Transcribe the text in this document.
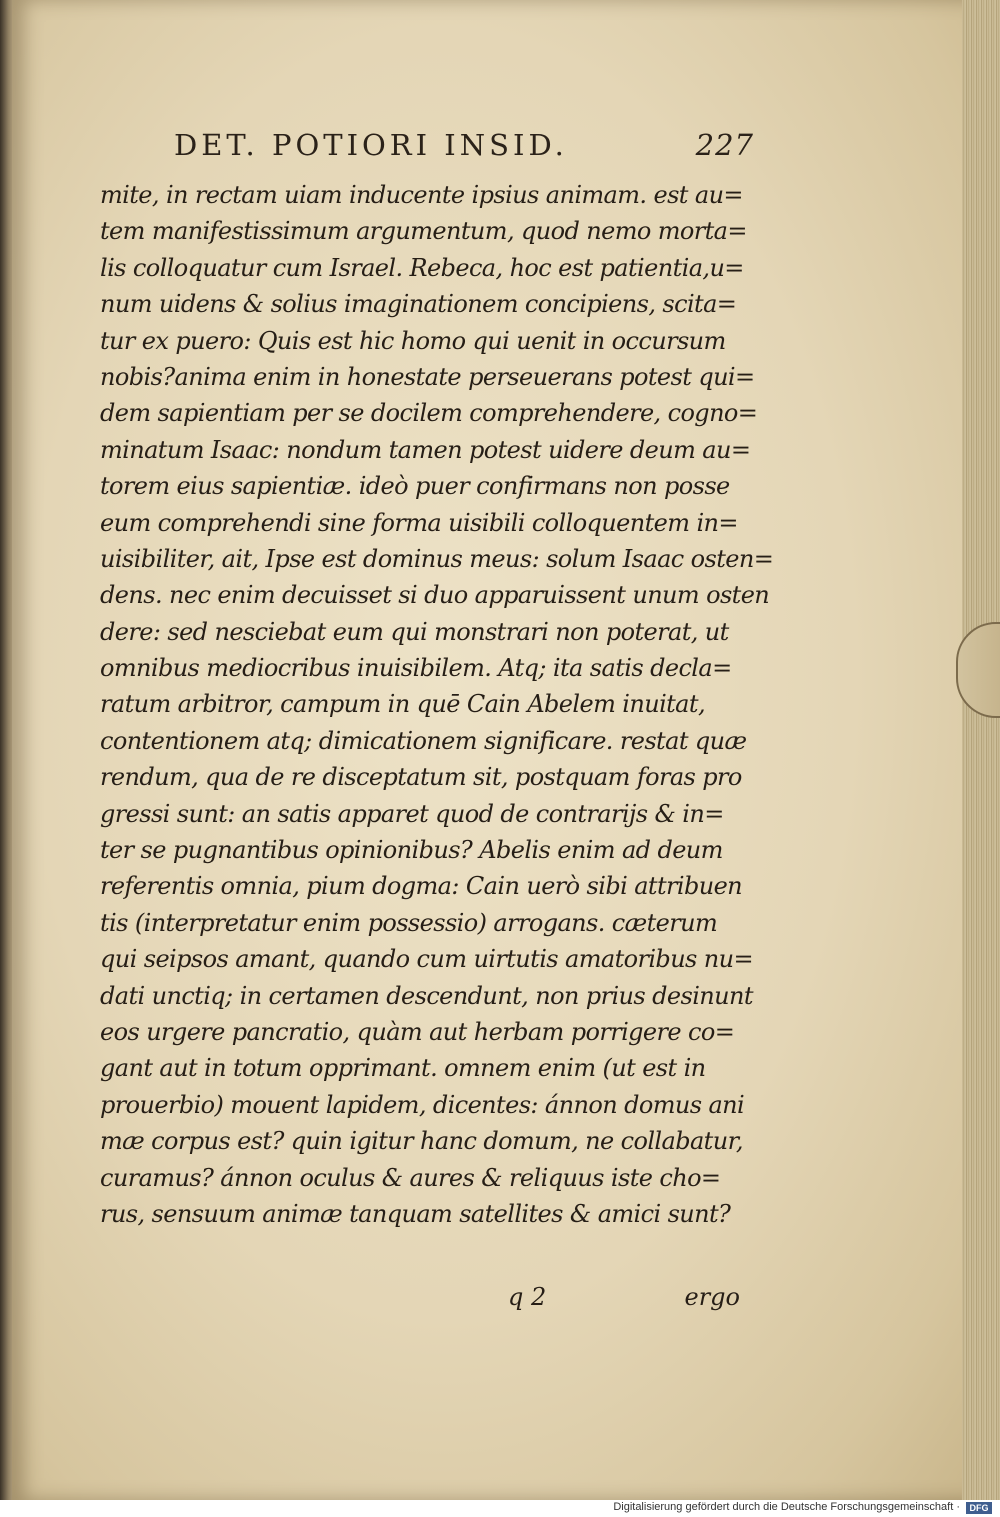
DET. POTIORI INSID.	227
mite, in rectam uiam inducente ipsius animam. est au=
tem manifestissimum argumentum, quod nemo morta=
lis colloquatur cum Israel. Rebeca, hoc est patientia,u=
num uidens & solius imaginationem concipiens, scita=
tur ex puero: Quis est hic homo qui uenit in occursum
nobis?anima enim in honestate perseuerans potest qui=
dem sapientiam per se docilem comprehendere, cogno=
minatum Isaac: nondum tamen potest uidere deum au=
torem eius sapientiæ. ideò puer confirmans non posse
eum comprehendi sine forma uisibili colloquentem in=
uisibiliter, ait, Ipse est dominus meus: solum Isaac osten=
dens. nec enim decuisset si duo apparuissent unum osten
dere: sed nesciebat eum qui monstrari non poterat, ut
omnibus mediocribus inuisibilem. Atq; ita satis decla=
ratum arbitror, campum in quē Cain Abelem inuitat,
contentionem atq; dimicationem significare. restat quæ
rendum, qua de re disceptatum sit, postquam foras pro
gressi sunt: an satis apparet quod de contrarijs & in=
ter se pugnantibus opinionibus? Abelis enim ad deum
referentis omnia, pium dogma: Cain uerò sibi attribuen
tis (interpretatur enim possessio) arrogans. cæterum
qui seipsos amant, quando cum uirtutis amatoribus nu=
dati unctiq; in certamen descendunt, non prius desinunt
eos urgere pancratio, quàm aut herbam porrigere co=
gant aut in totum opprimant. omnem enim (ut est in
prouerbio) mouent lapidem, dicentes: ánnon domus ani
mæ corpus est? quin igitur hanc domum, ne collabatur,
curamus? ánnon oculus & aures & reliquus iste cho=
rus, sensuum animæ tanquam satellites & amici sunt?
q 2	ergo
Digitalisierung gefördert durch die Deutsche Forschungsgemeinschaft ·	DFG
